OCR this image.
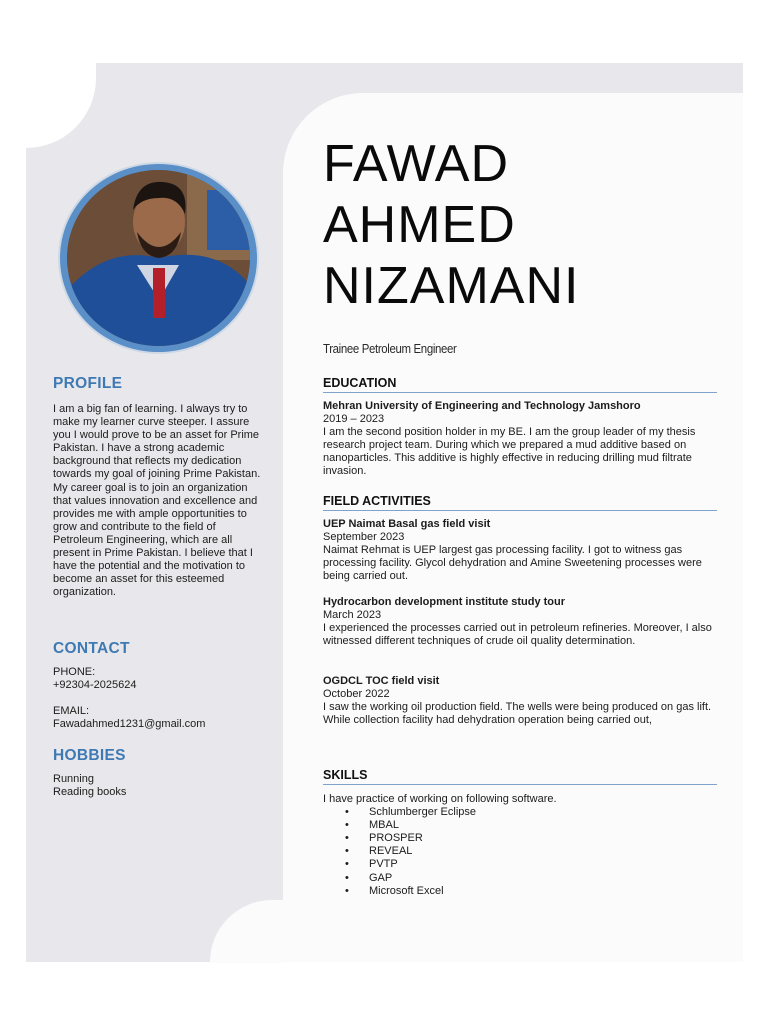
PROFILE

I am a big fan of learning. I always try to make my learner curve steeper. I assure you I would prove to be an asset for Prime Pakistan. I have a strong academic background that reflects my dedication towards my goal of joining Prime Pakistan. My career goal is to join an organization that values innovation and excellence and provides me with ample opportunities to grow and contribute to the field of Petroleum Engineering, which are all present in Prime Pakistan. I believe that I have the potential and the motivation to become an asset for this esteemed organization.

CONTACT

PHONE:

+92304-2025624

EMAIL:

Fawadahmed1231@gmail.com

HOBBIES

Running

Reading books

FAWAD
AHMED
NIZAMANI
Trainee Petroleum Engineer
EDUCATION

Mehran University of Engineering and Technology Jamshoro

2019 – 2023

I am the second position holder in my BE. I am the group leader of my thesis research project team. During which we prepared a mud additive based on nanoparticles. This additive is highly effective in reducing drilling mud filtrate invasion.

FIELD ACTIVITIES

UEP Naimat Basal gas field visit

September 2023

Naimat Rehmat is UEP largest gas processing facility. I got to witness gas processing facility. Glycol dehydration and Amine Sweetening processes were being carried out.

Hydrocarbon development institute study tour

March 2023

I experienced the processes carried out in petroleum refineries. Moreover, I also witnessed different techniques of crude oil quality determination.

OGDCL TOC field visit

October 2022

I saw the working oil production field. The wells were being produced on gas lift. While collection facility had dehydration operation being carried out,

SKILLS

I have practice of working on following software.

• Schlumberger Eclipse
• MBAL
• PROSPER
• REVEAL
• PVTP
• GAP
• Microsoft Excel
